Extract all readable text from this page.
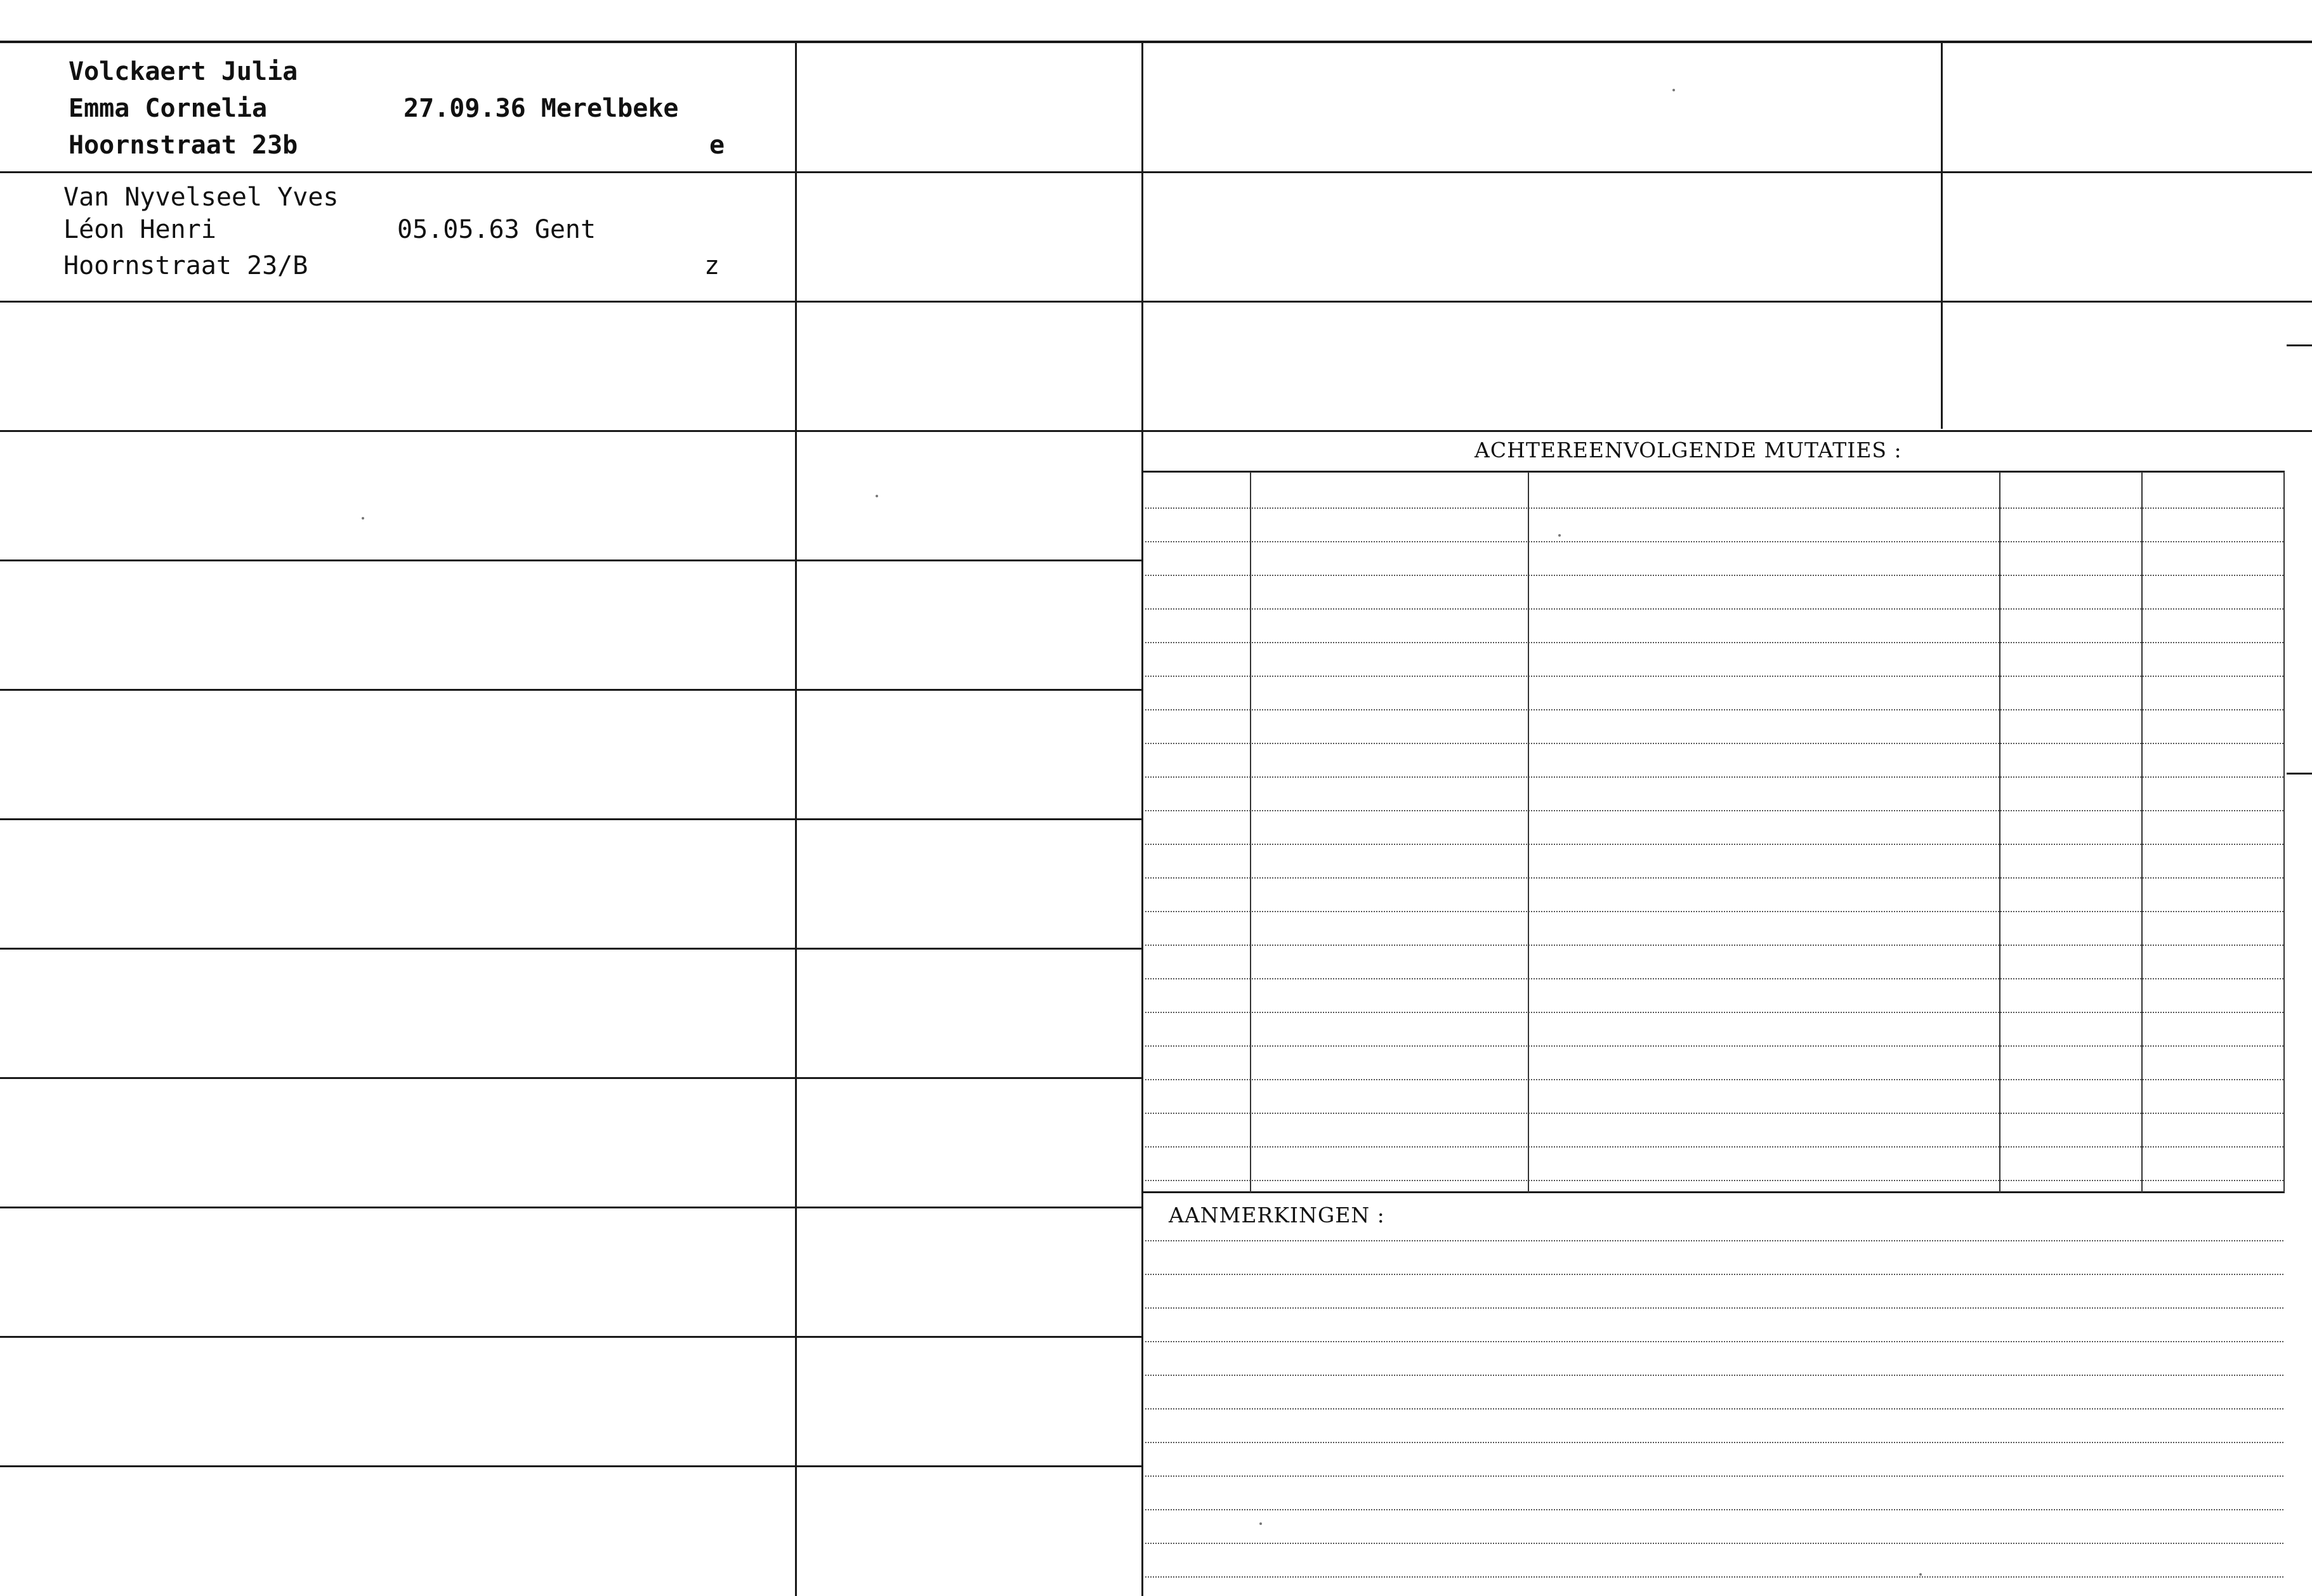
Volckaert Julia
Emma Cornelia
Hoornstraat 23b
27.09.36 Merelbeke
e
Van Nyvelseel Yves
Léon Henri
Hoornstraat 23/B
05.05.63 Gent
z
ACHTEREENVOLGENDE MUTATIES :
AANMERKINGEN :
